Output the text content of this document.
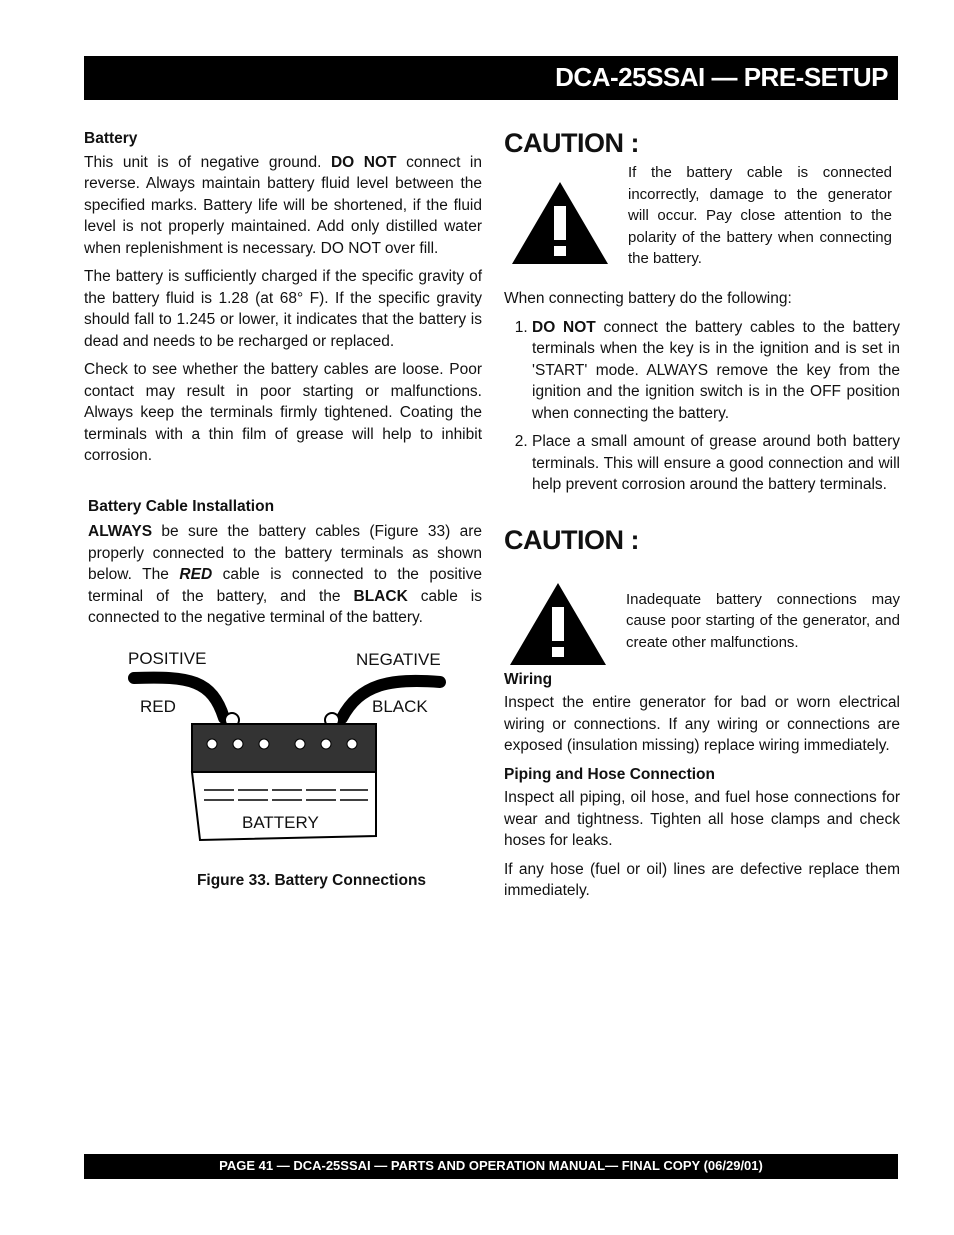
DCA-25SSAI — PRE-SETUP
Battery

This unit is of negative ground. DO NOT connect in reverse. Always maintain battery fluid level between the specified marks. Battery life will be shortened, if the fluid level is not properly maintained. Add only distilled water when replenishment is necessary. DO NOT over fill.

The battery is sufficiently charged if the specific gravity of the battery fluid is 1.28 (at 68° F). If the specific gravity should fall to 1.245 or lower, it indicates that the battery is dead and needs to be recharged or replaced.

Check to see whether the battery cables are loose. Poor contact may result in poor starting or malfunctions. Always keep the terminals firmly tightened. Coating the terminals with a thin film of grease will help to inhibit corrosion.

Battery Cable Installation

ALWAYS be sure the battery cables (Figure 33) are properly connected to the battery terminals as shown below. The RED cable is connected to the positive terminal of the battery, and the BLACK cable is connected to the negative terminal of the battery.

POSITIVE	NEGATIVE
RED	BLACK
BATTERY
Figure 33. Battery Connections
CAUTION :
If the battery cable is connected incorrectly, damage to the generator will occur. Pay close attention to the polarity of the battery when connecting the battery.

When connecting battery do the following:

1. DO NOT connect the battery cables to the battery terminals when the key is in the ignition and is set in 'START' mode. ALWAYS remove the key from the ignition and the ignition switch is in the OFF position when connecting the battery.
2. Place a small amount of grease around both battery terminals. This will ensure a good connection and will help prevent corrosion around the battery terminals.
CAUTION :
Inadequate battery connections may cause poor starting of the generator, and create other malfunctions.
Wiring

Inspect the entire generator for bad or worn electrical wiring or connections. If any wiring or connections are exposed (insulation missing) replace wiring immediately.

Piping and Hose Connection

Inspect all piping, oil hose, and fuel hose connections for wear and tightness. Tighten all hose clamps and check hoses for leaks.

If any hose (fuel or oil) lines are defective replace them immediately.

PAGE 41 — DCA-25SSAI — PARTS AND OPERATION MANUAL— FINAL COPY (06/29/01)
